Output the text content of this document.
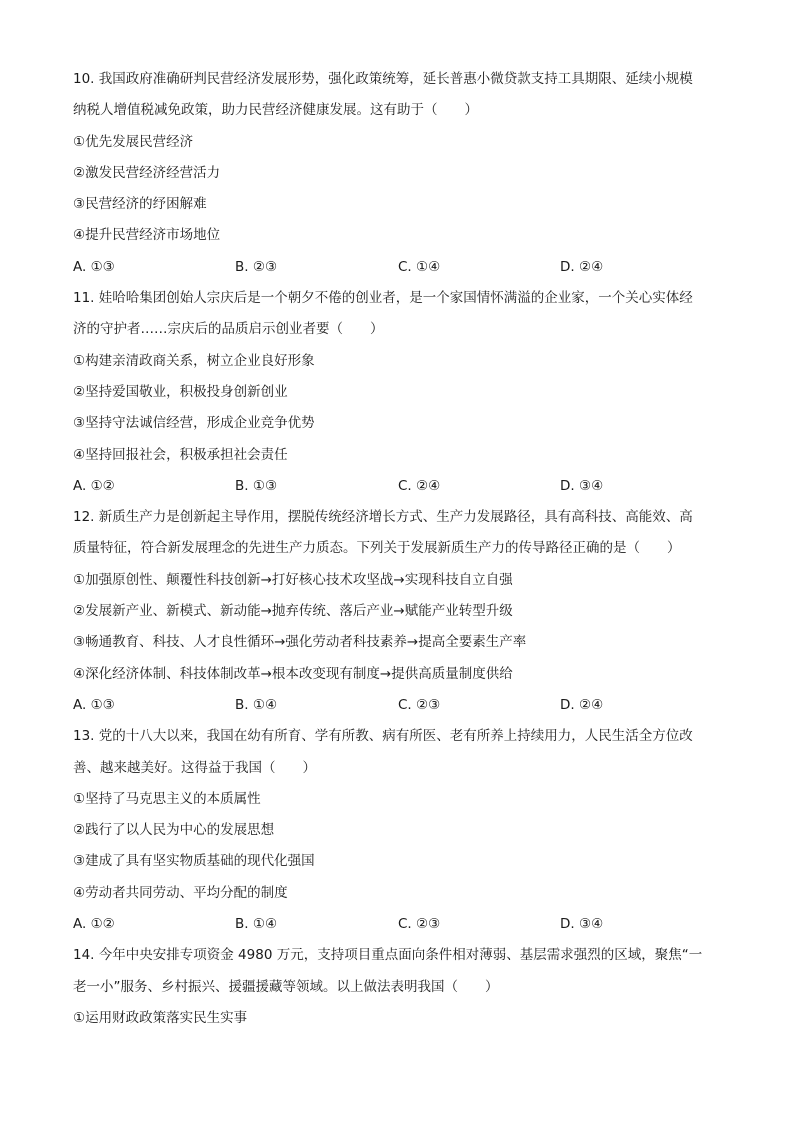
10. 我国政府准确研判民营经济发展形势，强化政策统筹，延长普惠小微贷款支持工具期限、延续小规模
纳税人增值税减免政策，助力民营经济健康发展。这有助于（　　）
①优先发展民营经济
②激发民营经济经营活力
③民营经济的纾困解难
④提升民营经济市场地位
A. ①③	B. ②③	C. ①④	D. ②④
11. 娃哈哈集团创始人宗庆后是一个朝夕不倦的创业者，是一个家国情怀满溢的企业家，一个关心实体经
济的守护者……宗庆后的品质启示创业者要（　　）
①构建亲清政商关系，树立企业良好形象
②坚持爱国敬业，积极投身创新创业
③坚持守法诚信经营，形成企业竞争优势
④坚持回报社会，积极承担社会责任
A. ①②	B. ①③	C. ②④	D. ③④
12. 新质生产力是创新起主导作用，摆脱传统经济增长方式、生产力发展路径，具有高科技、高能效、高
质量特征，符合新发展理念的先进生产力质态。下列关于发展新质生产力的传导路径正确的是（　　）
①加强原创性、颠覆性科技创新→打好核心技术攻坚战→实现科技自立自强
②发展新产业、新模式、新动能→抛弃传统、落后产业→赋能产业转型升级
③畅通教育、科技、人才良性循环→强化劳动者科技素养→提高全要素生产率
④深化经济体制、科技体制改革→根本改变现有制度→提供高质量制度供给
A. ①③	B. ①④	C. ②③	D. ②④
13. 党的十八大以来，我国在幼有所育、学有所教、病有所医、老有所养上持续用力，人民生活全方位改
善、越来越美好。这得益于我国（　　）
①坚持了马克思主义的本质属性
②践行了以人民为中心的发展思想
③建成了具有坚实物质基础的现代化强国
④劳动者共同劳动、平均分配的制度
A. ①②	B. ①④	C. ②③	D. ③④
14. 今年中央安排专项资金 4980 万元，支持项目重点面向条件相对薄弱、基层需求强烈的区域，聚焦“一
老一小”服务、乡村振兴、援疆援藏等领域。以上做法表明我国（　　）
①运用财政政策落实民生实事
